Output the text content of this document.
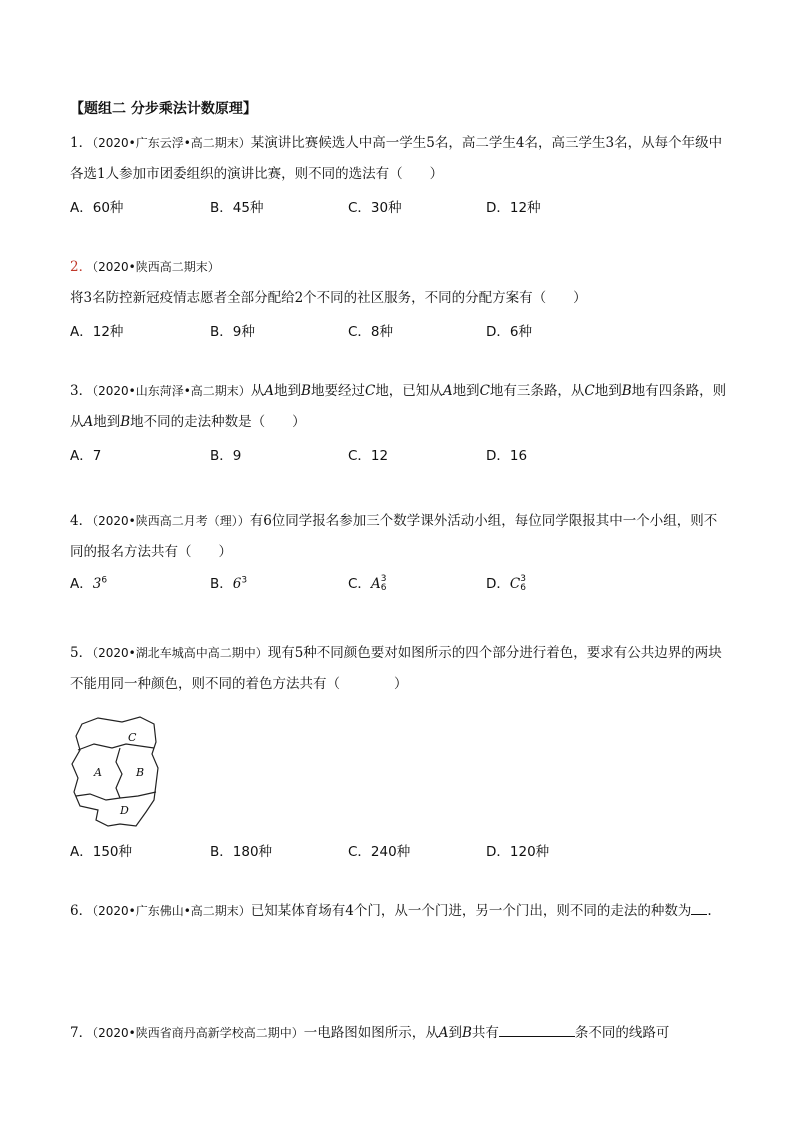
【题组二 分步乘法计数原理】
1．（2020•广东云浮•高二期末）某演讲比赛候选人中高一学生5名，高二学生4名，高三学生3名，从每个年级中各选1人参加市团委组织的演讲比赛，则不同的选法有（　　）
A．60种	B．45种	C．30种	D．12种
2．（2020•陕西高二期末）将3名防控新冠疫情志愿者全部分配给2个不同的社区服务，不同的分配方案有（　　）
A．12种	B．9种	C．8种	D．6种
3．（2020•山东菏泽•高二期末）从A地到B地要经过C地，已知从A地到C地有三条路，从C地到B地有四条路，则从A地到B地不同的走法种数是（　　）
A．7	B．9	C．12	D．16
4．（2020•陕西高二月考（理））有6位同学报名参加三个数学课外活动小组，每位同学限报其中一个小组，则不同的报名方法共有（　　）
A．$3^6$	B．$6^3$	C．A 3
6	D．C 3
6
5．（2020•湖北车城高中高二期中）现有5种不同颜色要对如图所示的四个部分进行着色，要求有公共边界的两块不能用同一种颜色，则不同的着色方法共有（　　　　）
C
A	B
D
A．150种	B．180种	C．240种	D．120种
6．（2020•广东佛山•高二期末）已知某体育场有4个门，从一个门进，另一个门出，则不同的走法的种数为 .
7．（2020•陕西省商丹高新学校高二期中）一电路图如图所示，从A到B共有	条不同的线路可
